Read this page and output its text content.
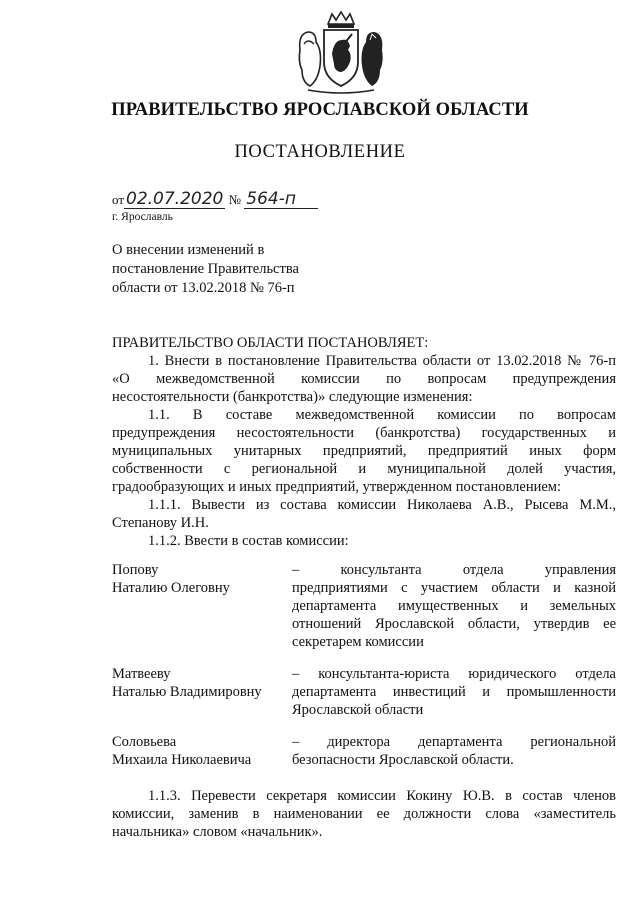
ПРАВИТЕЛЬСТВО ЯРОСЛАВСКОЙ ОБЛАСТИ
ПОСТАНОВЛЕНИЕ
от 02.07.2020 № 564-п
г. Ярославль
О внесении изменений в
постановление Правительства
области от 13.02.2018 № 76-п
ПРАВИТЕЛЬСТВО ОБЛАСТИ ПОСТАНОВЛЯЕТ:
1. Внести в постановление Правительства области от 13.02.2018 № 76-п
«О межведомственной комиссии по вопросам предупреждения
несостоятельности (банкротства)» следующие изменения:
1.1. В составе межведомственной комиссии по вопросам
предупреждения несостоятельности (банкротства) государственных и
муниципальных унитарных предприятий, предприятий иных форм
собственности с региональной и муниципальной долей участия,
градообразующих и иных предприятий, утвержденном постановлением:
1.1.1. Вывести из состава комиссии Николаева А.В., Рысева М.М.,
Степанову И.Н.
1.1.2. Ввести в состав комиссии:
Попову
Наталию Олеговну
– консультанта отдела управления
предприятиями с участием области и казной
департамента имущественных и земельных
отношений Ярославской области, утвердив ее
секретарем комиссии
Матвееву
Наталью Владимировну
– консультанта-юриста юридического отдела
департамента инвестиций и промышленности
Ярославской области
Соловьева
Михаила Николаевича
– директора департамента региональной
безопасности Ярославской области.
1.1.3. Перевести секретаря комиссии Кокину Ю.В. в состав членов
комиссии, заменив в наименовании ее должности слова «заместитель
начальника» словом «начальник».
